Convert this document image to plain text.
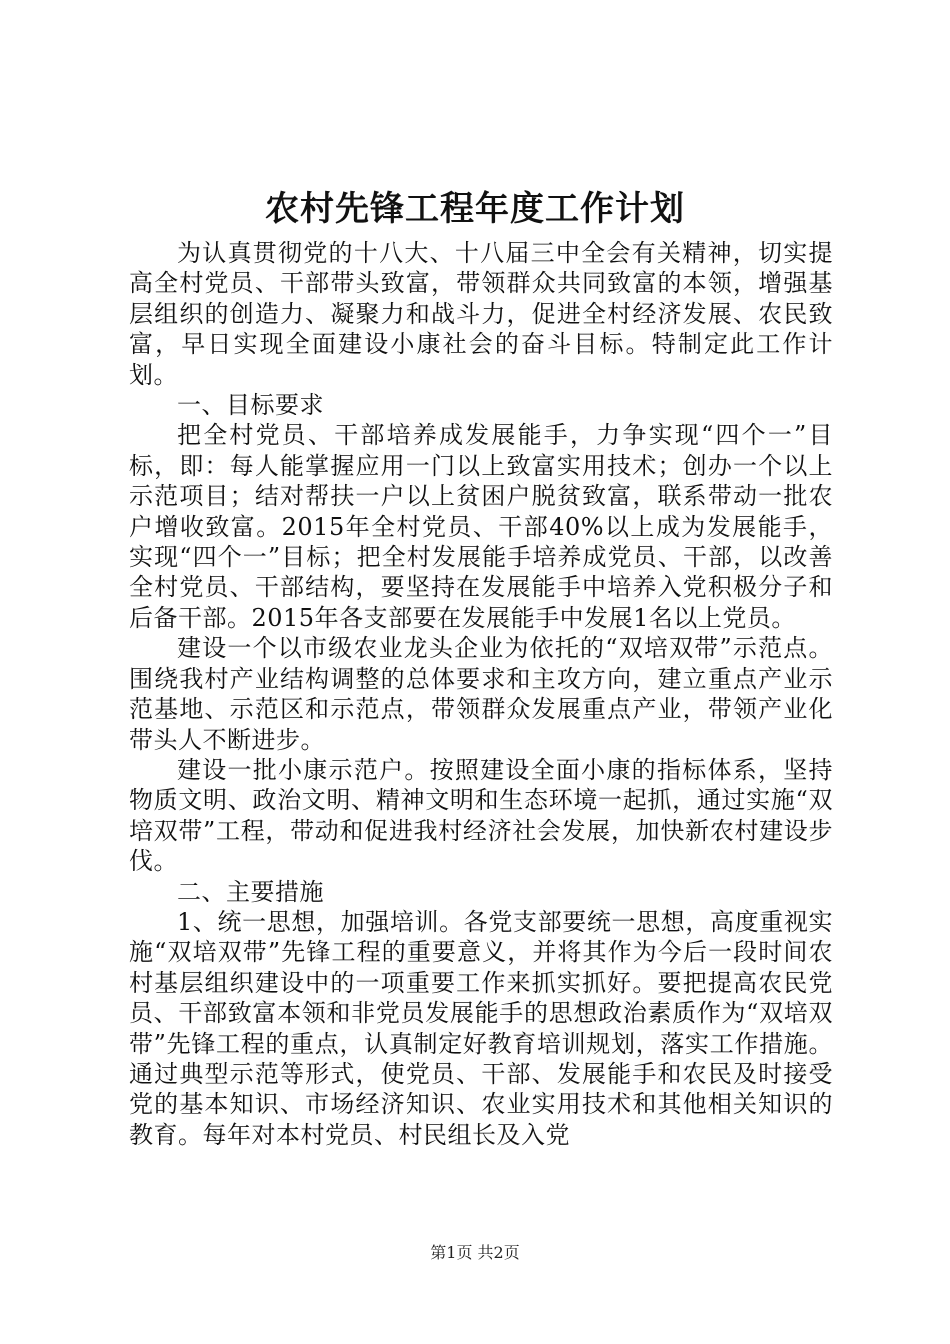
农村先锋工程年度工作计划

为认真贯彻党的十八大、十八届三中全会有关精神，切实提高全村党员、干部带头致富，带领群众共同致富的本领，增强基层组织的创造力、凝聚力和战斗力，促进全村经济发展、农民致富，早日实现全面建设小康社会的奋斗目标。特制定此工作计划。

一、目标要求

把全村党员、干部培养成发展能手，力争实现“四个一”目标，即：每人能掌握应用一门以上致富实用技术；创办一个以上示范项目；结对帮扶一户以上贫困户脱贫致富，联系带动一批农户增收致富。2015年全村党员、干部40%以上成为发展能手，实现“四个一”目标；把全村发展能手培养成党员、干部，以改善全村党员、干部结构，要坚持在发展能手中培养入党积极分子和后备干部。2015年各支部要在发展能手中发展1名以上党员。

建设一个以市级农业龙头企业为依托的“双培双带”示范点。围绕我村产业结构调整的总体要求和主攻方向，建立重点产业示范基地、示范区和示范点，带领群众发展重点产业，带领产业化带头人不断进步。

建设一批小康示范户。按照建设全面小康的指标体系，坚持物质文明、政治文明、精神文明和生态环境一起抓，通过实施“双培双带”工程，带动和促进我村经济社会发展，加快新农村建设步伐。

二、主要措施

1、统一思想，加强培训。各党支部要统一思想，高度重视实施“双培双带”先锋工程的重要意义，并将其作为今后一段时间农村基层组织建设中的一项重要工作来抓实抓好。要把提高农民党员、干部致富本领和非党员发展能手的思想政治素质作为“双培双带”先锋工程的重点，认真制定好教育培训规划，落实工作措施。通过典型示范等形式，使党员、干部、发展能手和农民及时接受党的基本知识、市场经济知识、农业实用技术和其他相关知识的教育。每年对本村党员、村民组长及入党

第1页 共2页
